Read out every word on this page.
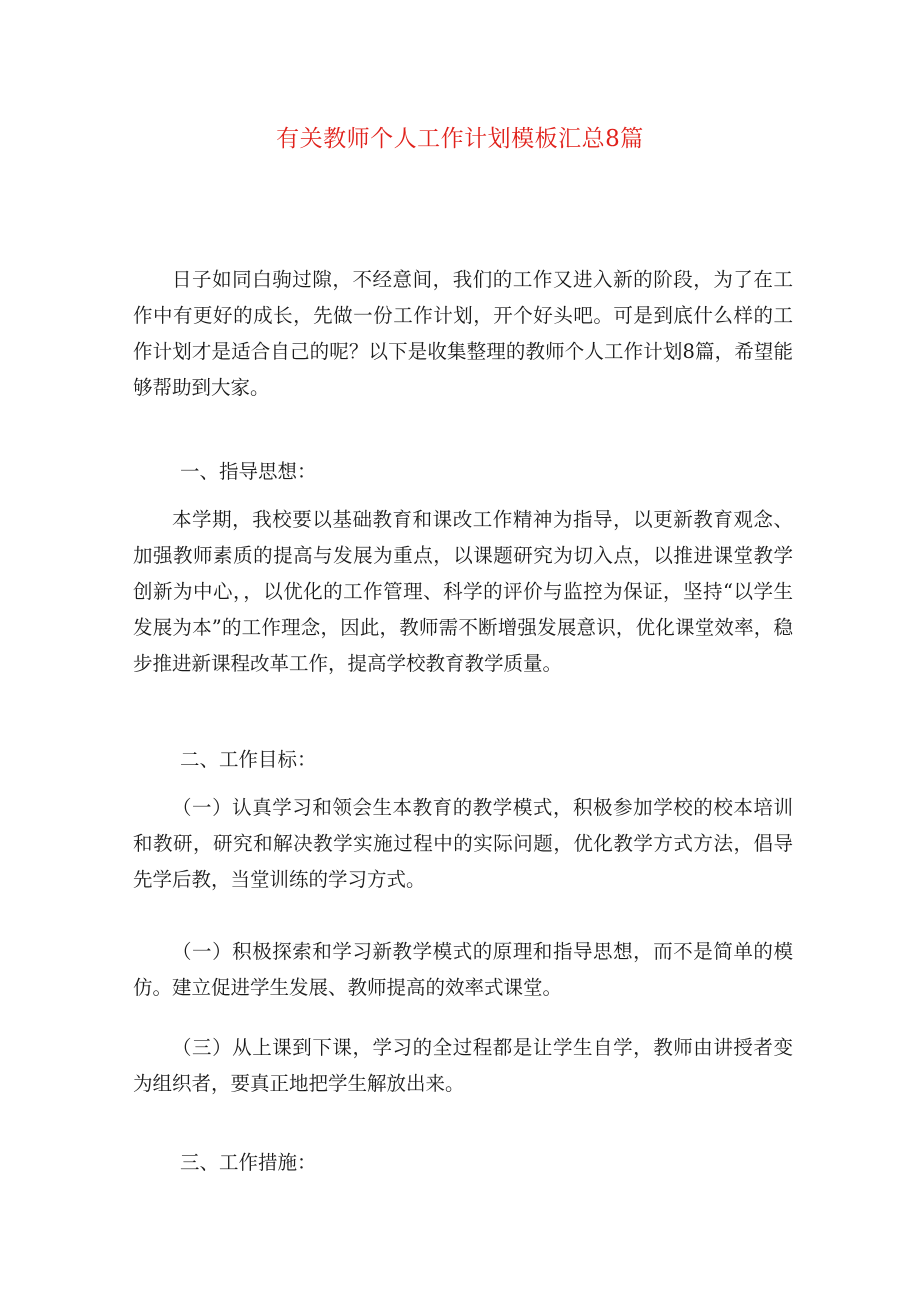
有关教师个人工作计划模板汇总8篇

日子如同白驹过隙，不经意间，我们的工作又进入新的阶段，为了在工作中有更好的成长，先做一份工作计划，开个好头吧。可是到底什么样的工作计划才是适合自己的呢？以下是收集整理的教师个人工作计划8篇，希望能够帮助到大家。

一、指导思想：

本学期，我校要以基础教育和课改工作精神为指导，以更新教育观念、加强教师素质的提高与发展为重点，以课题研究为切入点，以推进课堂教学创新为中心，，以优化的工作管理、科学的评价与监控为保证，坚持“以学生发展为本”的工作理念，因此，教师需不断增强发展意识，优化课堂效率，稳步推进新课程改革工作，提高学校教育教学质量。

二、工作目标：

（一）认真学习和领会生本教育的教学模式，积极参加学校的校本培训和教研，研究和解决教学实施过程中的实际问题，优化教学方式方法，倡导先学后教，当堂训练的学习方式。

（一）积极探索和学习新教学模式的原理和指导思想，而不是简单的模仿。建立促进学生发展、教师提高的效率式课堂。

（三）从上课到下课，学习的全过程都是让学生自学，教师由讲授者变为组织者，要真正地把学生解放出来。

三、工作措施：
